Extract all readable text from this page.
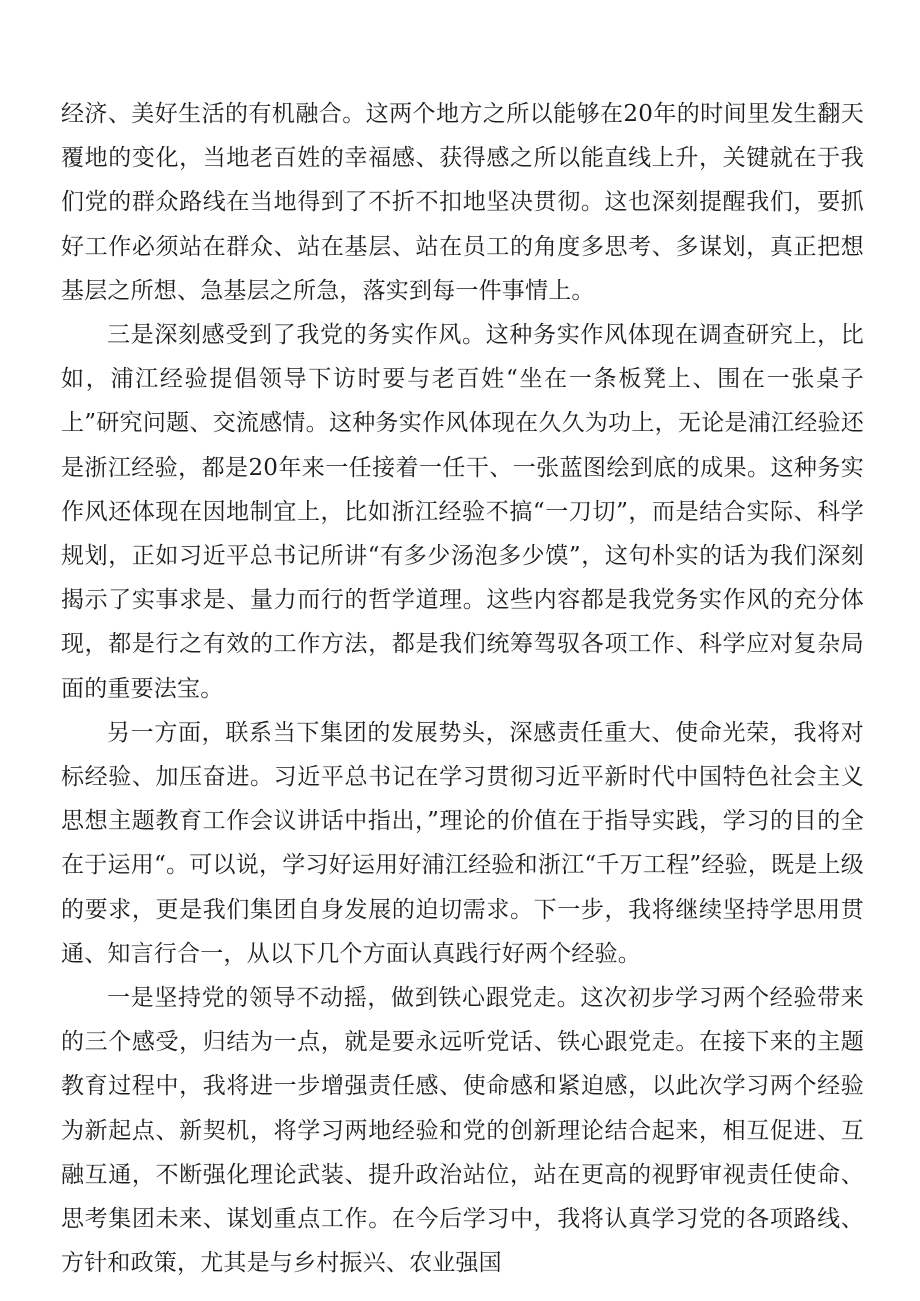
经济、美好生活的有机融合。这两个地方之所以能够在20年的时间里发生翻天覆地的变化，当地老百姓的幸福感、获得感之所以能直线上升，关键就在于我们党的群众路线在当地得到了不折不扣地坚决贯彻。这也深刻提醒我们，要抓好工作必须站在群众、站在基层、站在员工的角度多思考、多谋划，真正把想基层之所想、急基层之所急，落实到每一件事情上。

三是深刻感受到了我党的务实作风。这种务实作风体现在调查研究上，比如，浦江经验提倡领导下访时要与老百姓“坐在一条板凳上、围在一张桌子上”研究问题、交流感情。这种务实作风体现在久久为功上，无论是浦江经验还是浙江经验，都是20年来一任接着一任干、一张蓝图绘到底的成果。这种务实作风还体现在因地制宜上，比如浙江经验不搞“一刀切”，而是结合实际、科学规划，正如习近平总书记所讲“有多少汤泡多少馍”，这句朴实的话为我们深刻揭示了实事求是、量力而行的哲学道理。这些内容都是我党务实作风的充分体现，都是行之有效的工作方法，都是我们统筹驾驭各项工作、科学应对复杂局面的重要法宝。

另一方面，联系当下集团的发展势头，深感责任重大、使命光荣，我将对标经验、加压奋进。习近平总书记在学习贯彻习近平新时代中国特色社会主义思想主题教育工作会议讲话中指出，”理论的价值在于指导实践，学习的目的全在于运用“。可以说，学习好运用好浦江经验和浙江“千万工程”经验，既是上级的要求，更是我们集团自身发展的迫切需求。下一步，我将继续坚持学思用贯通、知言行合一，从以下几个方面认真践行好两个经验。

一是坚持党的领导不动摇，做到铁心跟党走。这次初步学习两个经验带来的三个感受，归结为一点，就是要永远听党话、铁心跟党走。在接下来的主题教育过程中，我将进一步增强责任感、使命感和紧迫感，以此次学习两个经验为新起点、新契机，将学习两地经验和党的创新理论结合起来，相互促进、互融互通，不断强化理论武装、提升政治站位，站在更高的视野审视责任使命、思考集团未来、谋划重点工作。在今后学习中，我将认真学习党的各项路线、方针和政策，尤其是与乡村振兴、农业强国
